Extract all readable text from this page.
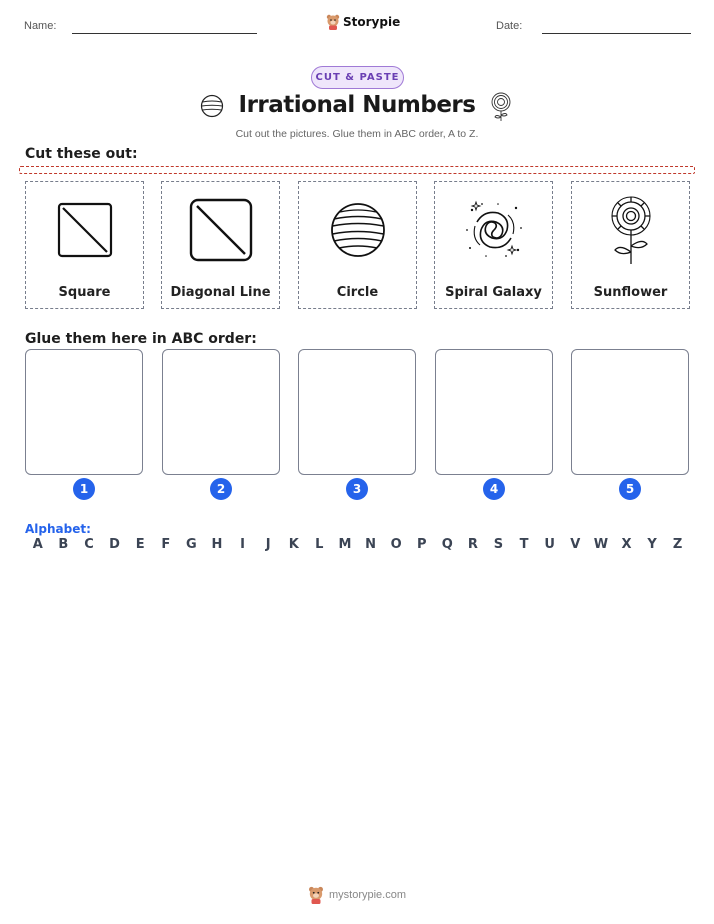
Name:	Storypie	Date:
CUT & PASTE
Irrational Numbers
Cut out the pictures. Glue them in ABC order, A to Z.
Cut these out:
Square	Diagonal Line	Circle	Spiral Galaxy	Sunflower
Glue them here in ABC order:
1	2	3	4	5
Alphabet:
A	B	C	D	E	F	G	H	I	J	K	L	M	N	O	P	Q	R	S	T	U	V	W	X	Y	Z
mystorypie.com
